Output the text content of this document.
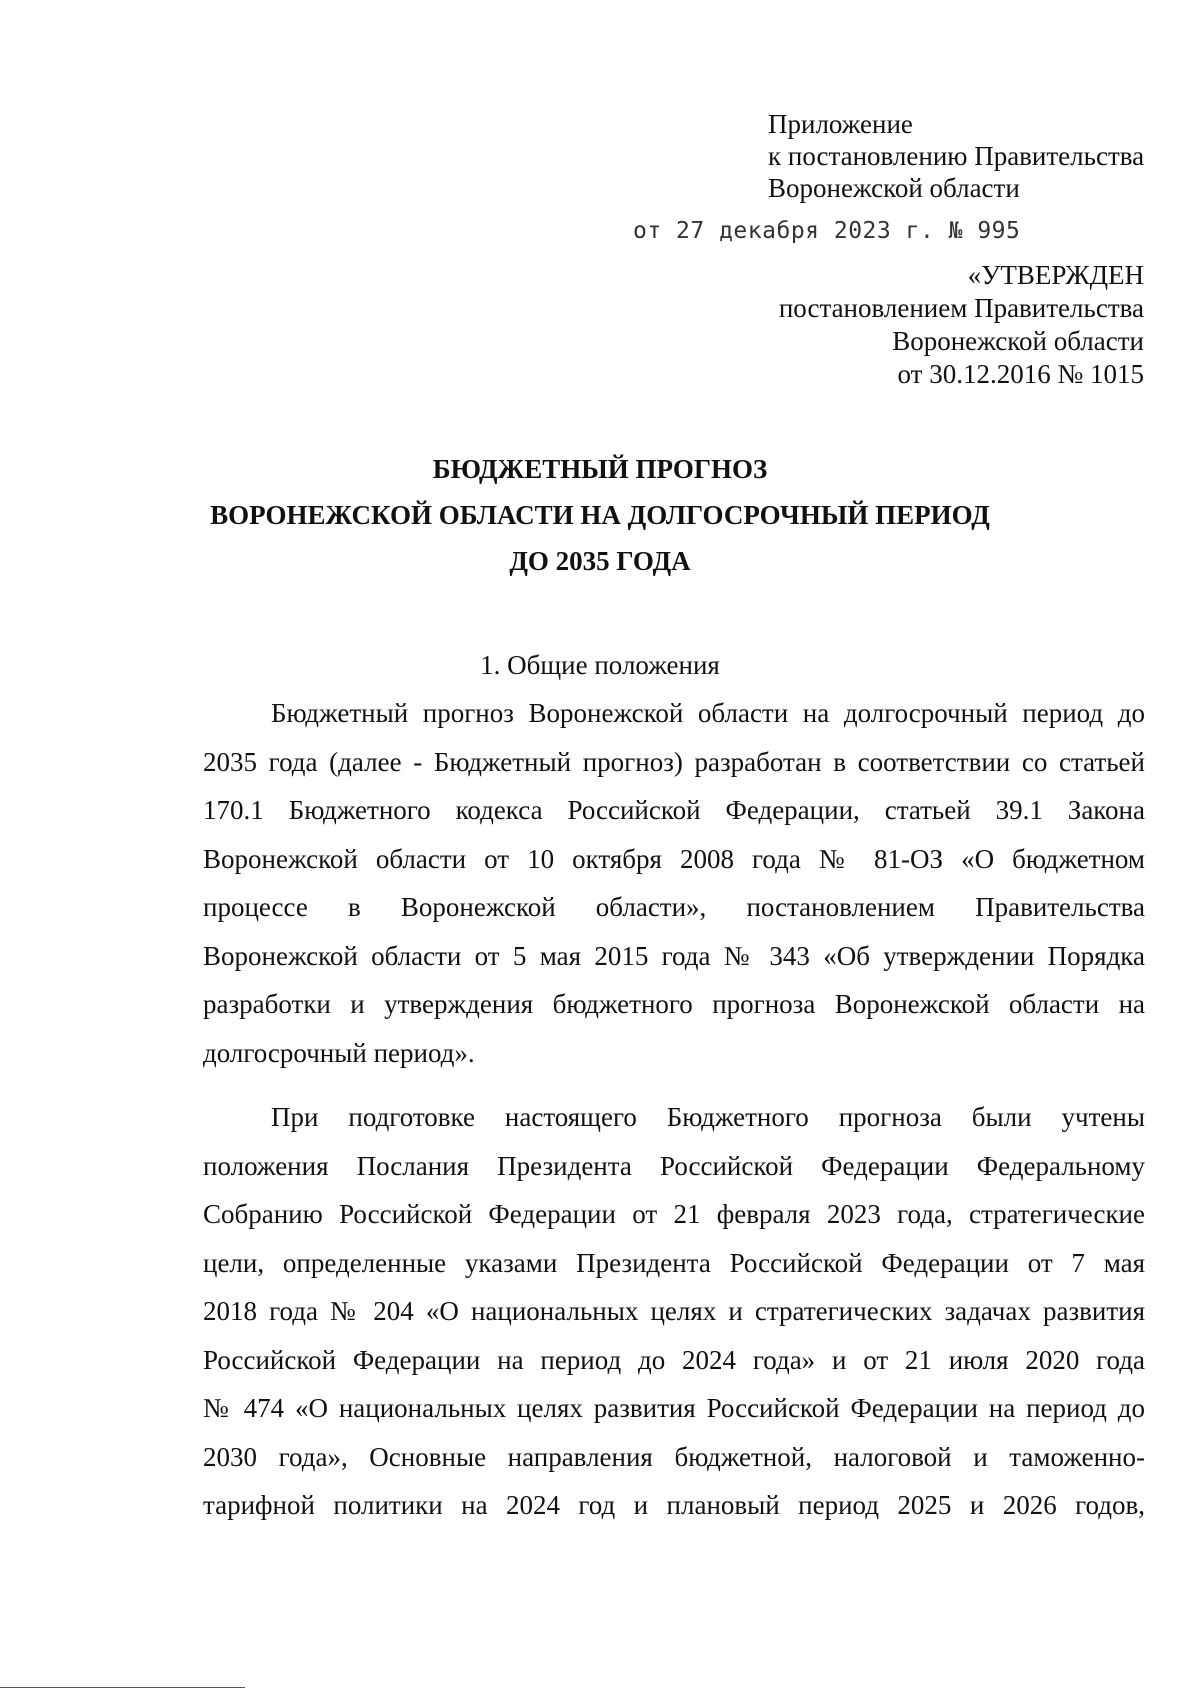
Приложение
к постановлению Правительства
Воронежской области
от 27 декабря 2023 г. № 995
«УТВЕРЖДЕН
постановлением Правительства
Воронежской области
от 30.12.2016 № 1015
БЮДЖЕТНЫЙ ПРОГНОЗ
ВОРОНЕЖСКОЙ ОБЛАСТИ НА ДОЛГОСРОЧНЫЙ ПЕРИОД
ДО 2035 ГОДА
1. Общие положения
Бюджетный прогноз Воронежской области на долгосрочный период до
2035 года (далее - Бюджетный прогноз) разработан в соответствии со статьей
170.1 Бюджетного кодекса Российской Федерации, статьей 39.1 Закона
Воронежской области от 10 октября 2008 года № 81-ОЗ «О бюджетном
процессе в Воронежской области», постановлением Правительства
Воронежской области от 5 мая 2015 года № 343 «Об утверждении Порядка
разработки и утверждения бюджетного прогноза Воронежской области на
долгосрочный период».
При подготовке настоящего Бюджетного прогноза были учтены
положения Послания Президента Российской Федерации Федеральному
Собранию Российской Федерации от 21 февраля 2023 года, стратегические
цели, определенные указами Президента Российской Федерации от 7 мая
2018 года № 204 «О национальных целях и стратегических задачах развития
Российской Федерации на период до 2024 года» и от 21 июля 2020 года
№ 474 «О национальных целях развития Российской Федерации на период до
2030 года», Основные направления бюджетной, налоговой и таможенно-
тарифной политики на 2024 год и плановый период 2025 и 2026 годов,
